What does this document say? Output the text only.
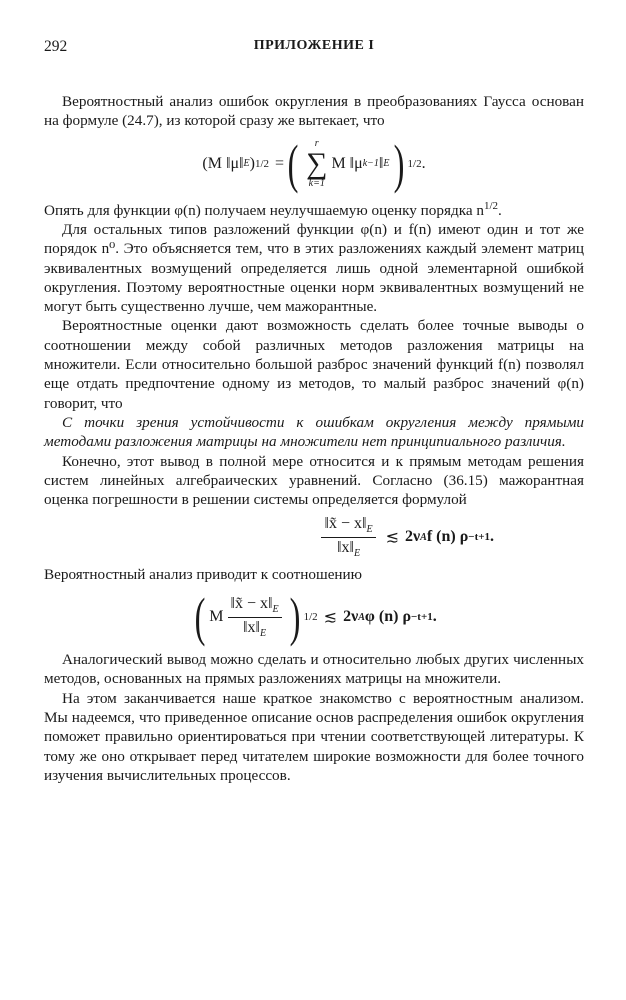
292	ПРИЛОЖЕНИЕ I

Вероятностный анализ ошибок округления в преобразованиях Гаусса основан на формуле (24.7), из которой сразу же вытекает, что

(M ‖μ‖ E ) 1/2 = ( r
∑
k=1
M ‖μ k−1 ‖ E ) 1/2 .

Опять для функции φ(n) получаем неулучшаемую оценку порядка $n^{1/2}$.

Для остальных типов разложений функции φ(n) и f(n) имеют один и тот же порядок n⁰. Это объясняется тем, что в этих разложениях каждый элемент матриц эквивалентных возмущений определяется лишь одной элементарной ошибкой округления. Поэтому вероятностные оценки норм эквивалентных возмущений не могут быть существенно лучше, чем мажорантные.

Вероятностные оценки дают возможность сделать более точные выводы о соотношении между собой различных методов разложения матрицы на множители. Если относительно большой разброс значений функций f(n) позволял еще отдать предпочтение одному из методов, то малый разброс значений φ(n) говорит, что

С точки зрения устойчивости к ошибкам округления между прямыми методами разложения матрицы на множители нет принципиального различия.

Конечно, этот вывод в полной мере относится и к прямым методам решения систем линейных алгебраических уравнений. Согласно (36.15) мажорантная оценка погрешности в решении системы определяется формулой

$\frac{‖x̃ - x‖_E}{‖x‖_E}$ ≲ 2ν A f (n) ρ −t+1 .

Вероятностный анализ приводит к соотношению

( M $\frac{‖x̃ - x‖_E}{‖x‖_E}$ ) 1/2 ≲ 2ν A φ (n) ρ −t+1 .

Аналогический вывод можно сделать и относительно любых других численных методов, основанных на прямых разложениях матрицы на множители.

На этом заканчивается наше краткое знакомство с вероятностным анализом. Мы надеемся, что приведенное описание основ распределения ошибок округления поможет правильно ориентироваться при чтении соответствующей литературы. К тому же оно открывает перед читателем широкие возможности для более точного изучения вычислительных процессов.
